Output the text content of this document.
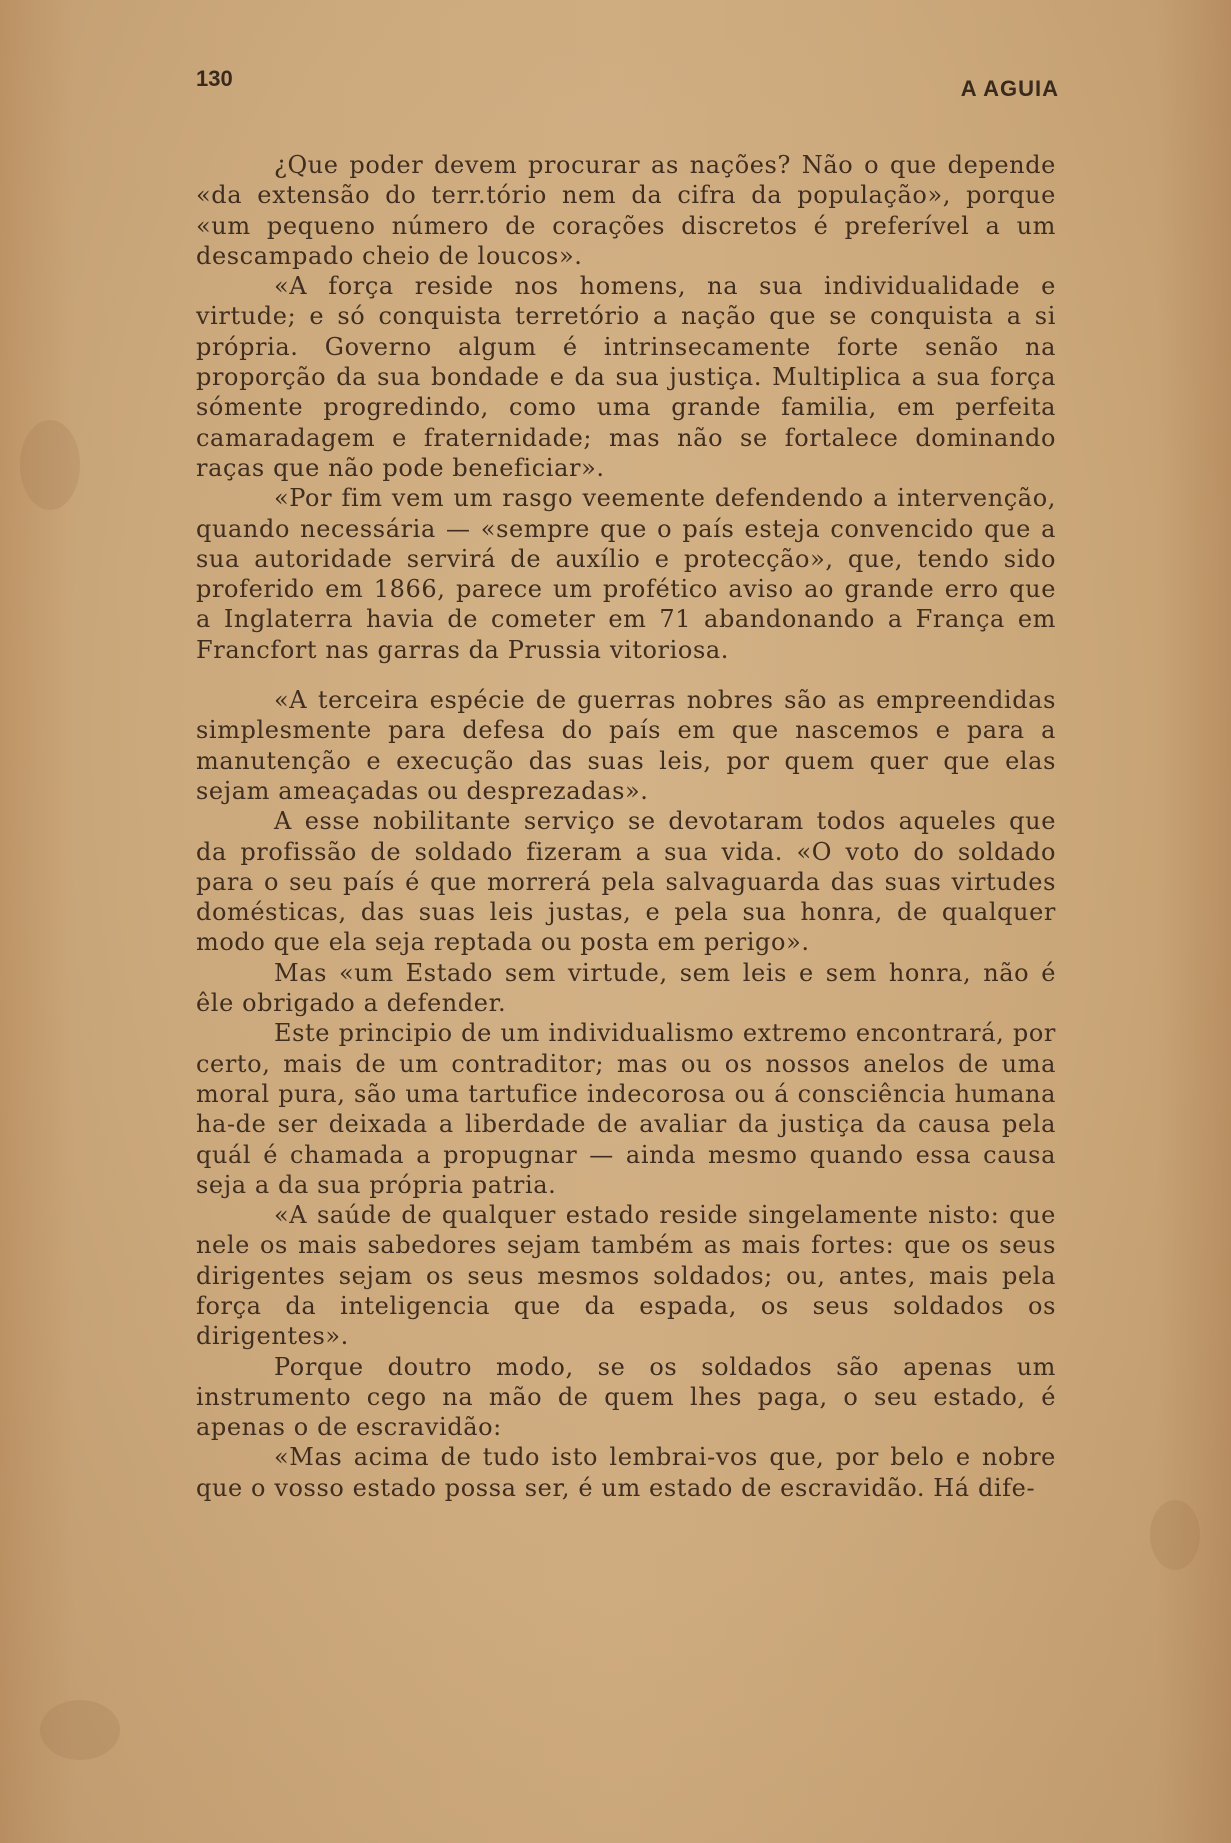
130	A AGUIA

¿Que poder devem procurar as nações? Não o que depende «da extensão do terr.tório nem da cifra da população», porque «um pequeno número de corações discretos é preferível a um descampado cheio de loucos».

«A força reside nos homens, na sua individualidade e virtude; e só conquista terretório a nação que se conquista a si própria. Governo algum é intrinsecamente forte senão na proporção da sua bondade e da sua justiça. Multiplica a sua força sómente progredindo, como uma grande familia, em perfeita camaradagem e fraternidade; mas não se fortalece dominando raças que não pode beneficiar».

«Por fim vem um rasgo veemente defendendo a intervenção, quando necessária — «sempre que o país esteja convencido que a sua autoridade servirá de auxílio e protecção», que, tendo sido proferido em 1866, parece um profético aviso ao grande erro que a Inglaterra havia de cometer em 71 abandonando a França em Francfort nas garras da Prussia vitoriosa.

«A terceira espécie de guerras nobres são as empreendidas simplesmente para defesa do país em que nascemos e para a manutenção e execução das suas leis, por quem quer que elas sejam ameaçadas ou desprezadas».

A esse nobilitante serviço se devotaram todos aqueles que da profissão de soldado fizeram a sua vida. «O voto do soldado para o seu país é que morrerá pela salvaguarda das suas virtudes domésticas, das suas leis justas, e pela sua honra, de qualquer modo que ela seja reptada ou posta em perigo».

Mas «um Estado sem virtude, sem leis e sem honra, não é êle obrigado a defender.

Este principio de um individualismo extremo encontrará, por certo, mais de um contraditor; mas ou os nossos anelos de uma moral pura, são uma tartufice indecorosa ou á consciência humana ha-de ser deixada a liberdade de avaliar da justiça da causa pela quál é chamada a propugnar — ainda mesmo quando essa causa seja a da sua própria patria.

«A saúde de qualquer estado reside singelamente nisto: que nele os mais sabedores sejam também as mais fortes: que os seus dirigentes sejam os seus mesmos soldados; ou, antes, mais pela força da inteligencia que da espada, os seus soldados os dirigentes».

Porque doutro modo, se os soldados são apenas um instrumento cego na mão de quem lhes paga, o seu estado, é apenas o de escravidão:

«Mas acima de tudo isto lembrai-vos que, por belo e nobre que o vosso estado possa ser, é um estado de escravidão. Há dife-
